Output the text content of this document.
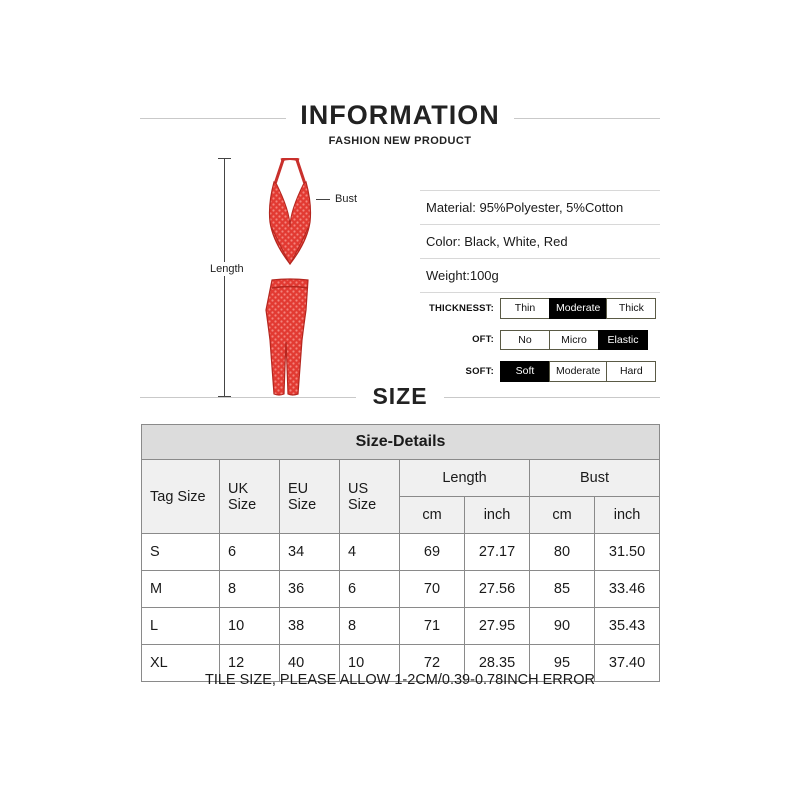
INFORMATION
FASHION NEW PRODUCT
Length
Bust
Material: 95%Polyester, 5%Cotton
Color: Black, White, Red
Weight:100g
THICKNESST:	Thin	Moderate	Thick
OFT:	No	Micro	Elastic
SOFT:	Soft	Moderate	Hard
SIZE
Size-Details							
Tag Size	UK Size	EU Size	US Size	Length		Bust	
				cm	inch	cm	inch
S	6	34	4	69	27.17	80	31.50
M	8	36	6	70	27.56	85	33.46
L	10	38	8	71	27.95	90	35.43
XL	12	40	10	72	28.35	95	37.40
TILE SIZE, PLEASE ALLOW 1-2CM/0.39-0.78INCH ERROR
